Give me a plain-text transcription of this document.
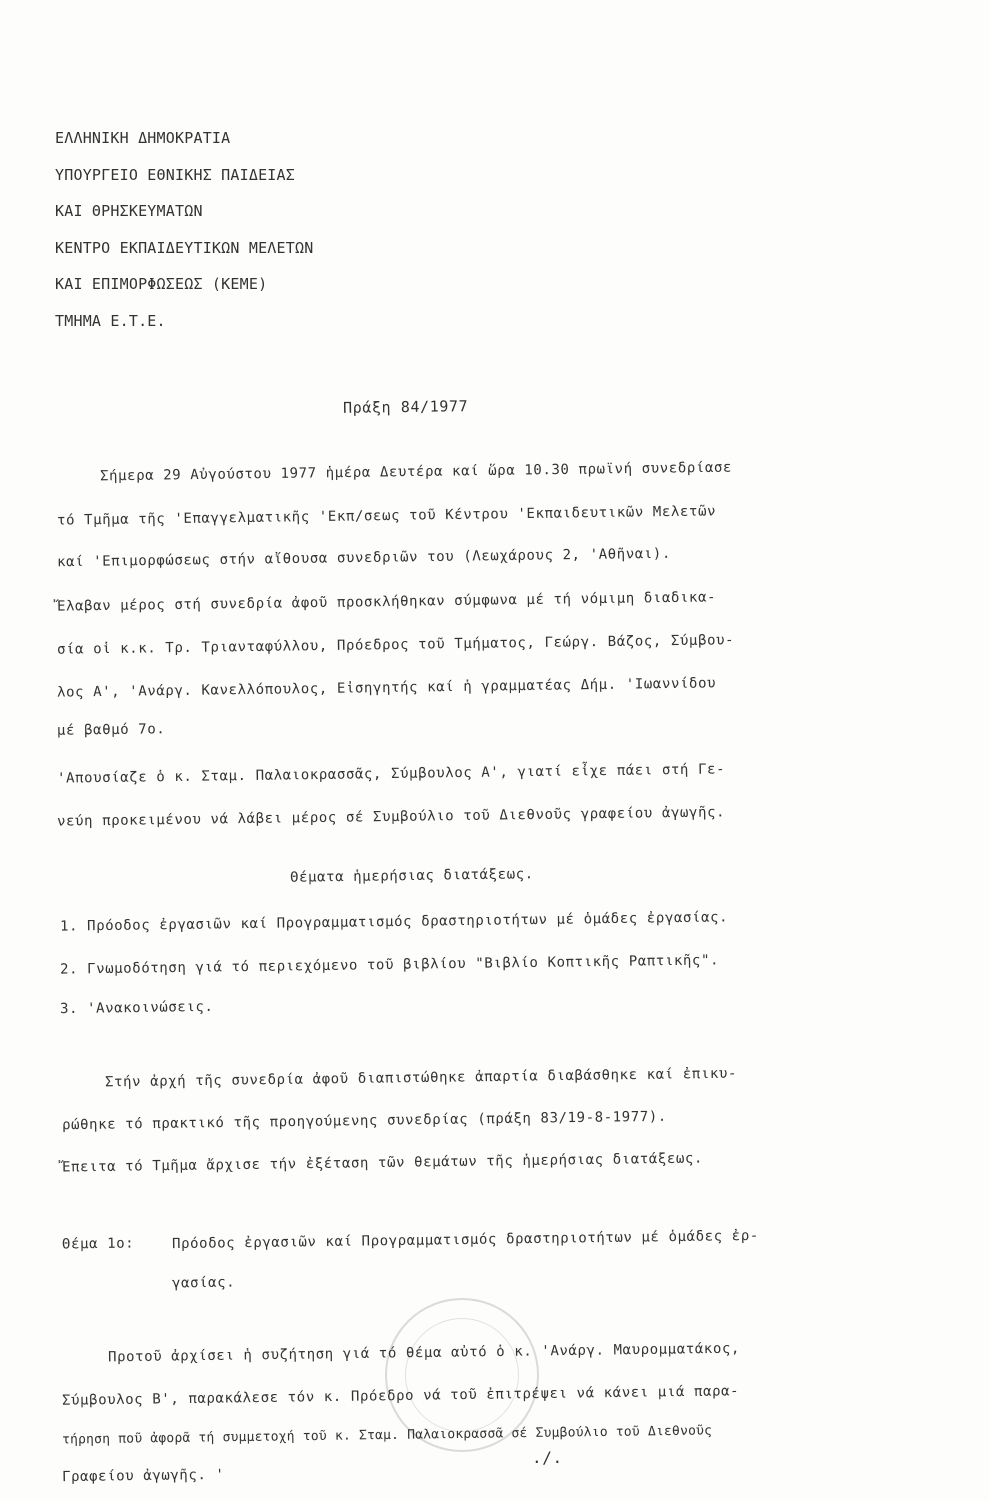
ΕΛΛΗΝΙΚΗ ΔΗΜΟΚΡΑΤΙΑ
ΥΠΟΥΡΓΕΙΟ ΕΘΝΙΚΗΣ ΠΑΙΔΕΙΑΣ
ΚΑΙ ΘΡΗΣΚΕΥΜΑΤΩΝ
ΚΕΝΤΡΟ ΕΚΠΑΙΔΕΥΤΙΚΩΝ ΜΕΛΕΤΩΝ
ΚΑΙ ΕΠΙΜΟΡΦΩΣΕΩΣ (ΚΕΜΕ)
ΤΜΗΜΑ Ε.Τ.Ε.
Πράξη 84/1977
Σήμερα 29 Αὐγούστου 1977 ἡμέρα Δευτέρα καί ὥρα 10.30 πρωϊνή συνεδρίασε
τό Τμῆμα τῆς 'Επαγγελματικῆς 'Εκπ/σεως τοῦ Κέντρου 'Εκπαιδευτικῶν Μελετῶν
καί 'Επιμορφώσεως στήν αἴθουσα συνεδριῶν του (Λεωχάρους 2, 'Αθῆναι).
Ἔλαβαν μέρος στή συνεδρία ἀφοῦ προσκλήθηκαν σύμφωνα μέ τή νόμιμη διαδικα-
σία οἱ κ.κ. Τρ. Τριανταφύλλου, Πρόεδρος τοῦ Τμήματος, Γεώργ. Βάζος, Σύμβου-
λος Α', 'Ανάργ. Κανελλόπουλος, Εἰσηγητής καί ἡ γραμματέας Δήμ. 'Ιωαννίδου
μέ βαθμό 7ο.
'Απουσίαζε ὁ κ. Σταμ. Παλαιοκρασσᾶς, Σύμβουλος Α', γιατί εἶχε πάει στή Γε-
νεύη προκειμένου νά λάβει μέρος σέ Συμβούλιο τοῦ Διεθνοῦς γραφείου ἀγωγῆς.
Θέματα ἡμερήσιας διατάξεως.
1. Πρόοδος ἐργασιῶν καί Προγραμματισμός δραστηριοτήτων μέ ὁμάδες ἐργασίας.
2. Γνωμοδότηση γιά τό περιεχόμενο τοῦ βιβλίου "Βιβλίο Κοπτικῆς Ραπτικῆς".
3. 'Ανακοινώσεις.
Στήν ἀρχή τῆς συνεδρία ἀφοῦ διαπιστώθηκε ἀπαρτία διαβάσθηκε καί ἐπικυ-
ρώθηκε τό πρακτικό τῆς προηγούμενης συνεδρίας (πράξη 83/19-8-1977).
Ἔπειτα τό Τμῆμα ἄρχισε τήν ἐξέταση τῶν θεμάτων τῆς ἡμερήσιας διατάξεως.
Θέμα 1ο:	Πρόοδος ἐργασιῶν καί Προγραμματισμός δραστηριοτήτων μέ ὁμάδες ἐρ-
γασίας.
Προτοῦ ἀρχίσει ἡ συζήτηση γιά τό θέμα αὐτό ὁ κ. 'Ανάργ. Μαυρομματάκος,
Σύμβουλος Β', παρακάλεσε τόν κ. Πρόεδρο νά τοῦ ἐπιτρέψει νά κάνει μιά παρα-
τήρηση ποῦ ἀφορᾶ τή συμμετοχή τοῦ κ. Σταμ. Παλαιοκρασσᾶ σέ Συμβούλιο τοῦ Διεθνοῦς
Γραφείου ἀγωγῆς. '
./.
